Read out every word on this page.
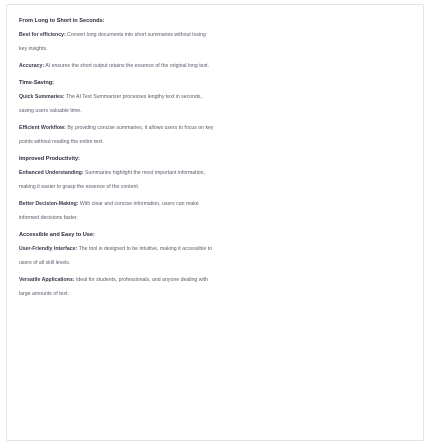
From Long to Short in Seconds:

Best for efficiency: Convert long documents into short summaries without losing

key insights.

Accuracy: AI ensures the short output retains the essence of the original long text.

Time-Saving:

Quick Summaries: The AI Text Summarizer processes lengthy text in seconds,

saving users valuable time.

Efficient Workflow: By providing concise summaries, it allows users to focus on key

points without reading the entire text.

Improved Productivity:

Enhanced Understanding: Summaries highlight the most important information,

making it easier to grasp the essence of the content.

Better Decision-Making: With clear and concise information, users can make

informed decisions faster.

Accessible and Easy to Use:

User-Friendly Interface: The tool is designed to be intuitive, making it accessible to

users of all skill levels.

Versatile Applications: Ideal for students, professionals, and anyone dealing with

large amounts of text.
